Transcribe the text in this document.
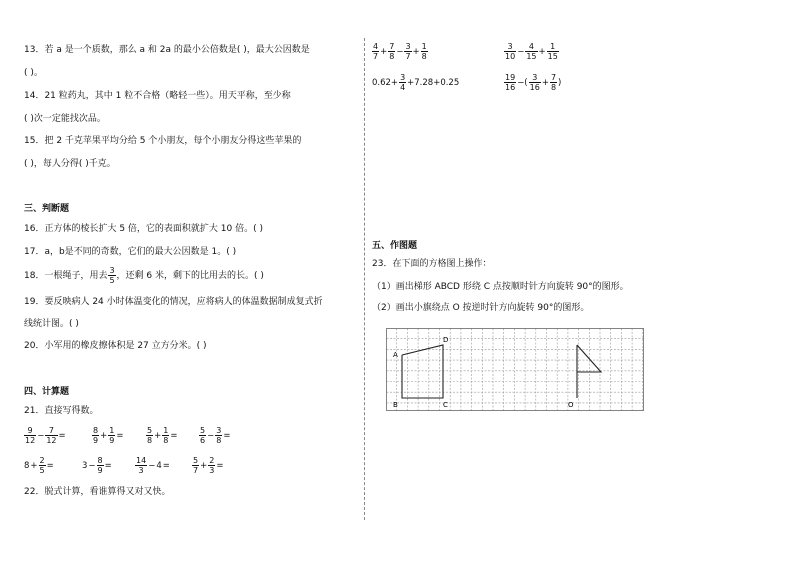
13．若 a 是一个质数，那么 a 和 2a 的最小公倍数是( )，最大公因数是
( )。
14．21 粒药丸，其中 1 粒不合格（略轻一些）。用天平称，至少称
( )次一定能找次品。
15．把 2 千克苹果平均分给 5 个小朋友，每个小朋友分得这些苹果的
( )，每人分得( )千克。
三、判断题
16．正方体的棱长扩大 5 倍，它的表面积就扩大 10 倍。( )
17．a，b是不同的奇数，它们的最大公因数是 1。( )
18．一根绳子，用去 $\frac{3}{5}$ ，还剩 6 米，剩下的比用去的长。( )
19．要反映病人 24 小时体温变化的情况，应将病人的体温数据制成复式折
线统计图。( )
20．小军用的橡皮擦体积是 27 立方分米。( )
四、计算题
21．直接写得数。
$\frac{9}{12} - \frac{7}{12}$ =	$\frac{8}{9} + \frac{1}{9}$ =	$\frac{5}{8} + \frac{1}{8}$ =	$\frac{5}{6} - \frac{3}{8}$ =
$8 + \frac{2}{5}$ =	$3 - \frac{8}{9}$ =	$\frac{14}{3} - 4$ =	$\frac{5}{7} + \frac{2}{3}$ =
22．脱式计算，看谁算得又对又快。
$\frac{4}{7} + \frac{7}{8} - \frac{3}{7} + \frac{1}{8}$	$\frac{3}{10} - \frac{4}{15} + \frac{1}{15}$
$0.62+ \frac{3}{4} +7.28+0.25$	$\frac{19}{16}$ −( $\frac{3}{16} + \frac{7}{8}$ )
五、作图题
23．在下面的方格图上操作：
（1）画出梯形 ABCD 形绕 C 点按顺时针方向旋转 90°的图形。
（2）画出小旗绕点 O 按逆时针方向旋转 90°的图形。
A
D
B	C	O
